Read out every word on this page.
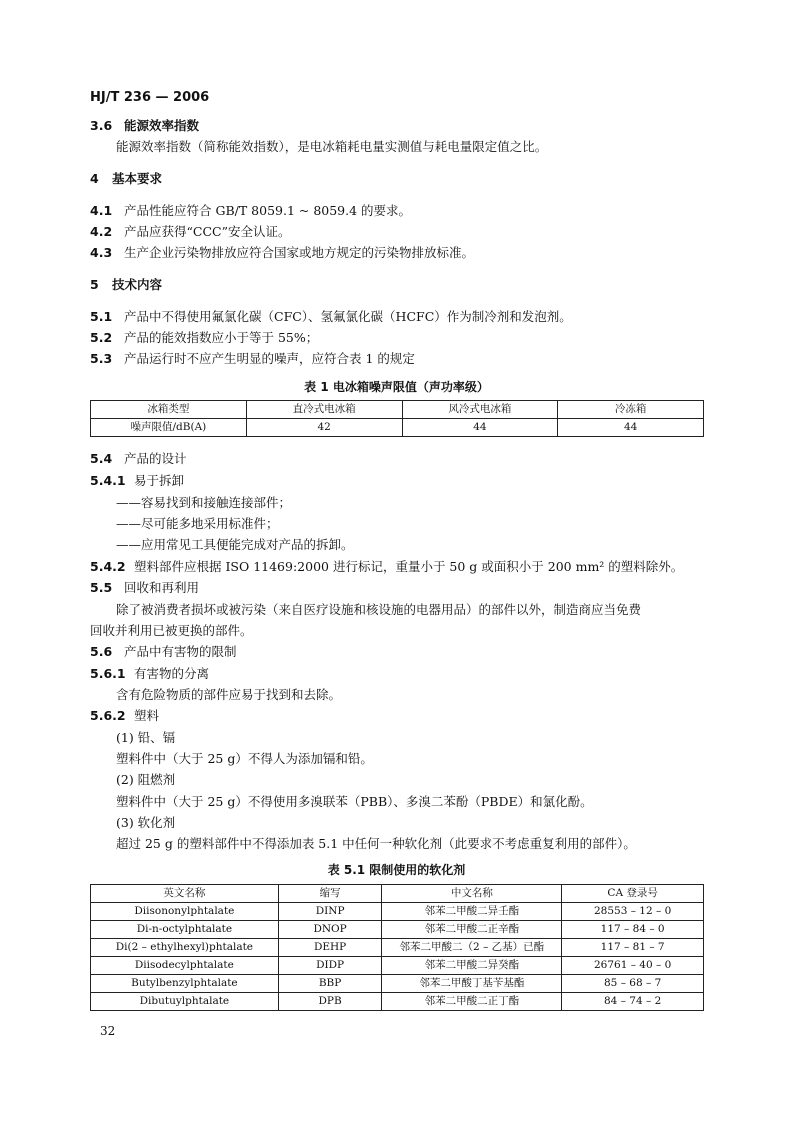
HJ/T 236 — 2006
3.6 能源效率指数
能源效率指数（简称能效指数），是电冰箱耗电量实测值与耗电量限定值之比。
4 基本要求
4.1 产品性能应符合 GB/T 8059.1 ~ 8059.4 的要求。
4.2 产品应获得“CCC”安全认证。
4.3 生产企业污染物排放应符合国家或地方规定的污染物排放标准。
5 技术内容
5.1 产品中不得使用氟氯化碳（CFC）、氢氟氯化碳（HCFC）作为制冷剂和发泡剂。
5.2 产品的能效指数应小于等于 55%；
5.3 产品运行时不应产生明显的噪声，应符合表 1 的规定
表 1 电冰箱噪声限值（声功率级）
冰箱类型	直冷式电冰箱	风冷式电冰箱	冷冻箱
噪声限值/dB(A)	42	44	44
5.4 产品的设计
5.4.1 易于拆卸
——容易找到和接触连接部件；
——尽可能多地采用标准件；
——应用常见工具便能完成对产品的拆卸。
5.4.2 塑料部件应根据 ISO 11469:2000 进行标记，重量小于 50 g 或面积小于 200 mm² 的塑料除外。
5.5 回收和再利用
除了被消费者损坏或被污染（来自医疗设施和核设施的电器用品）的部件以外，制造商应当免费
回收并利用已被更换的部件。
5.6 产品中有害物的限制
5.6.1 有害物的分离
含有危险物质的部件应易于找到和去除。
5.6.2 塑料
(1) 铅、镉
塑料件中（大于 25 g）不得人为添加镉和铅。
(2) 阻燃剂
塑料件中（大于 25 g）不得使用多溴联苯（PBB）、多溴二苯酚（PBDE）和氯化酚。
(3) 软化剂
超过 25 g 的塑料部件中不得添加表 5.1 中任何一种软化剂（此要求不考虑重复利用的部件）。
表 5.1 限制使用的软化剂
英文名称	缩写	中文名称	CA 登录号
Diisononylphtalate	DINP	邻苯二甲酸二异壬酯	28553 – 12 – 0
Di-n-octylphtalate	DNOP	邻苯二甲酸二正辛酯	117 – 84 – 0
Di(2 – ethylhexyl)phtalate	DEHP	邻苯二甲酸二（2 – 乙基）已酯	117 – 81 – 7
Diisodecylphtalate	DIDP	邻苯二甲酸二异癸酯	26761 – 40 – 0
Butylbenzylphtalate	BBP	邻苯二甲酸丁基苄基酯	85 – 68 – 7
Dibutuylphtalate	DPB	邻苯二甲酸二正丁酯	84 – 74 – 2
32
